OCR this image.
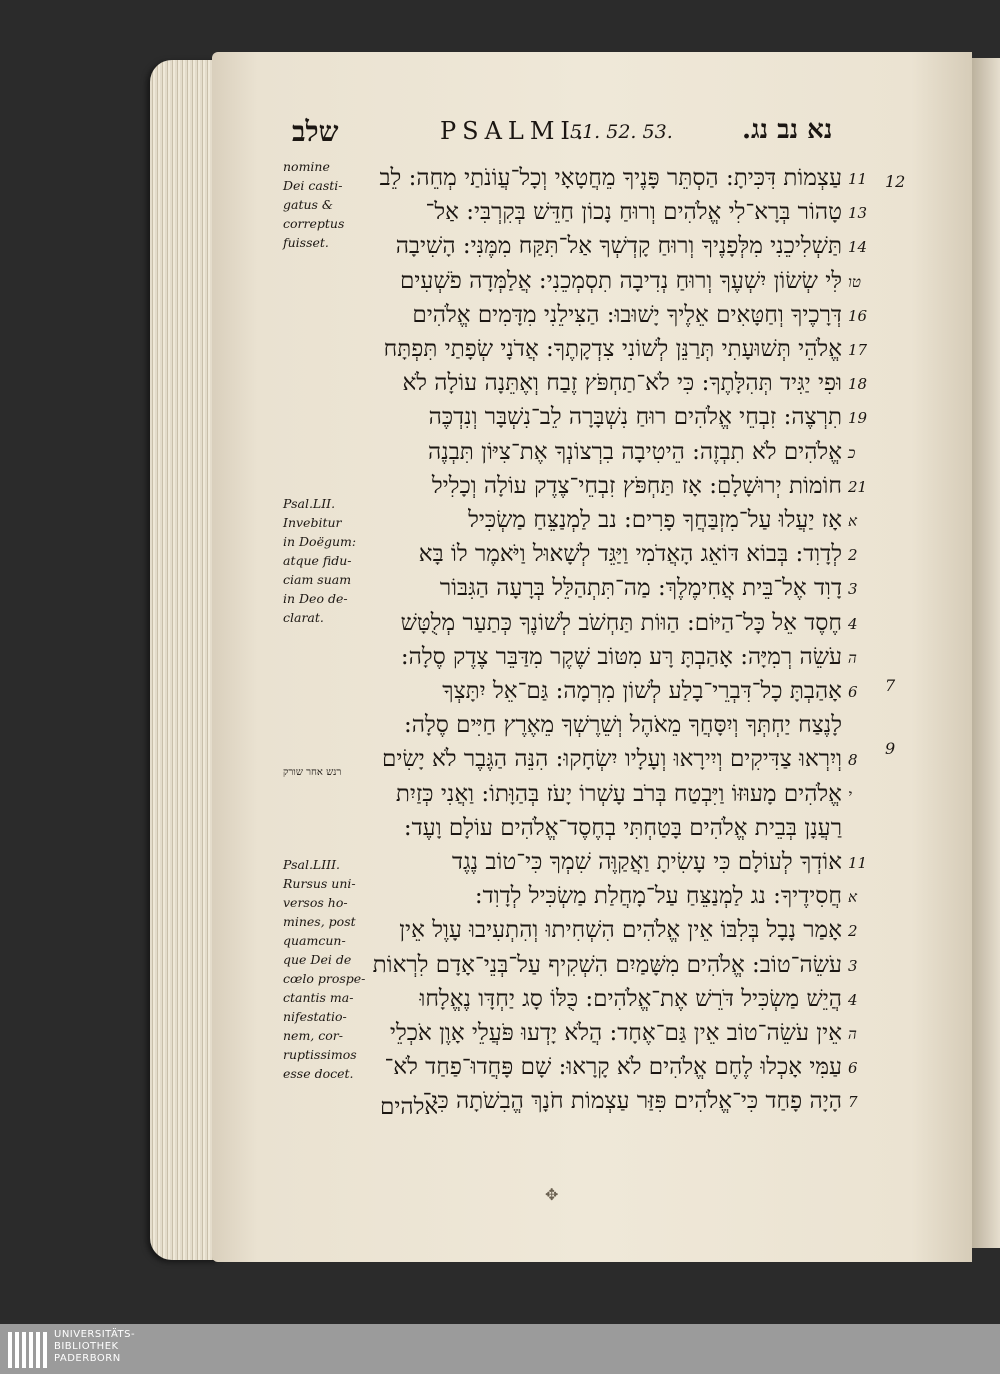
שלב	PSALMI.
51. 52. 53.	נא נב נג.
nomine
Dei casti-
gatus &
correptus
fuisset.
Psal.LII.
Invebitur
in Doëgum:
atque fidu-
ciam suam
in Deo de-
clarat.
רנש אחר שורק
Psal.LIII.
Rursus uni-
versos ho-
mines, post
quamcun-
que Dei de
cœlo prospe-
ctantis ma-
nifestatio-
nem, cor-
ruptissimos
esse docet.
עַצְמוֹת דִּכִּיתָ: הַסְתֵּר פָּנֶיךָ מֵחֲטָאָי וְכָל־עֲוֹנֹתַי מְחֵה: לֵב 11
טָהוֹר בְּרָא־לִי אֱלֹהִים וְרוּחַ נָכוֹן חַדֵּשׁ בְּקִרְבִּי: אַל־ 13
תַּשְׁלִיכֵנִי מִלְּפָנֶיךָ וְרוּחַ קָדְשְׁךָ אַל־תִּקַּח מִמֶּנִּי: הָשִׁיבָה 14
לִּי שְׂשׂוֹן יִשְׁעֶךָ וְרוּחַ נְדִיבָה תִסְמְכֵנִי: אֲלַמְּדָה פֹשְׁעִים טו
דְּרָכֶיךָ וְחַטָּאִים אֵלֶיךָ יָשׁוּבוּ: הַצִּילֵנִי מִדָּמִים אֱלֹהִים 16
אֱלֹהֵי תְּשׁוּעָתִי תְּרַנֵּן לְשׁוֹנִי צִדְקָתֶךָ: אֲדֹנָי שְׂפָתַי תִּפְתָּח 17
וּפִי יַגִּיד תְּהִלָּתֶךָ: כִּי לֹא־תַחְפֹּץ זֶבַח וְאֶתֵּנָה עוֹלָה לֹא 18
תִרְצֶה: זִבְחֵי אֱלֹהִים רוּחַ נִשְׁבָּרָה לֵב־נִשְׁבָּר וְנִדְכֶּה 19
אֱלֹהִים לֹא תִבְזֶה: הֵיטִיבָה בִרְצוֹנְךָ אֶת־צִיּוֹן תִּבְנֶה כ
חוֹמוֹת יְרוּשָׁלָםִ: אָז תַּחְפֹּץ זִבְחֵי־צֶדֶק עוֹלָה וְכָלִיל 21
אָז יַעֲלוּ עַל־מִזְבַּחֲךָ פָרִים: נב לַמְנַצֵּחַ מַשְׂכִּיל א
לְדָוִד: בְּבוֹא דּוֹאֵג הָאֲדֹמִי וַיַּגֵּד לְשָׁאוּל וַיֹּאמֶר לוֹ בָּא 2
דָוִד אֶל־בֵּית אֲחִימֶלֶךְ: מַה־תִּתְהַלֵּל בְּרָעָה הַגִּבּוֹר 3
חֶסֶד אֵל כָּל־הַיּוֹם: הַוּוֹת תַּחְשֹׁב לְשׁוֹנֶךָ כְּתַעַר מְלֻטָּשׁ 4
עֹשֵׂה רְמִיָּה: אָהַבְתָּ רָּע מִטּוֹב שֶׁקֶר מִדַּבֵּר צֶדֶק סֶלָה: ה
אָהַבְתָּ כָל־דִּבְרֵי־בָלַע לְשׁוֹן מִרְמָה: גַּם־אֵל יִתָּצְךָ 6
לָנֶצַח יַחְתְּךָ וְיִסָּחֲךָ מֵאֹהֶל וְשֵׁרֶשְׁךָ מֵאֶרֶץ חַיִּים סֶלָה:
וְיִרְאוּ צַדִּיקִים וְיִירָאוּ וְעָלָיו יִשְׂחָקוּ: הִנֵּה הַגֶּבֶר לֹא יָשִׂים 8
אֱלֹהִים מָעוּזּוֹ וַיִּבְטַח בְּרֹב עָשְׁרוֹ יָעֹז בְּהַוָּתוֹ: וַאֲנִי כְּזַיִת י
רַעֲנָן בְּבֵית אֱלֹהִים בָּטַחְתִּי בְחֶסֶד־אֱלֹהִים עוֹלָם וָעֶד:
אוֹדְךָ לְעוֹלָם כִּי עָשִׂיתָ וַאֲקַוֶּה שִׁמְךָ כִּי־טוֹב נֶגֶד 11
חֲסִידֶיךָ: נג לַמְנַצֵּחַ עַל־מָחֲלַת מַשְׂכִּיל לְדָוִד: א
אָמַר נָבָל בְּלִבּוֹ אֵין אֱלֹהִים הִשְׁחִיתוּ וְהִתְעִיבוּ עָוֶל אֵין 2
עֹשֵׂה־טוֹב: אֱלֹהִים מִשָּׁמַיִם הִשְׁקִיף עַל־בְּנֵי־אָדָם לִרְאוֹת 3
הֲיֵשׁ מַשְׂכִּיל דֹּרֵשׁ אֶת־אֱלֹהִים: כֻּלּוֹ סָג יַחְדָּו נֶאֱלָחוּ 4
אֵין עֹשֵׂה־טוֹב אֵין גַּם־אֶחָד: הֲלֹא יָדְעוּ פֹּעֲלֵי אָוֶן אֹכְלֵי ה
עַמִּי אָכְלוּ לֶחֶם אֱלֹהִים לֹא קָרָאוּ: שָׁם פָּחֲדוּ־פַחַד לֹא־ 6
הָיָה פָחַד כִּי־אֱלֹהִים פִּזַּר עַצְמוֹת חֹנָךְ הֱבִשֹׁתָה כִּי־ 7
12
7
9
אלהים
✥
UNIVERSITÄTS-
BIBLIOTHEK
PADERBORN
